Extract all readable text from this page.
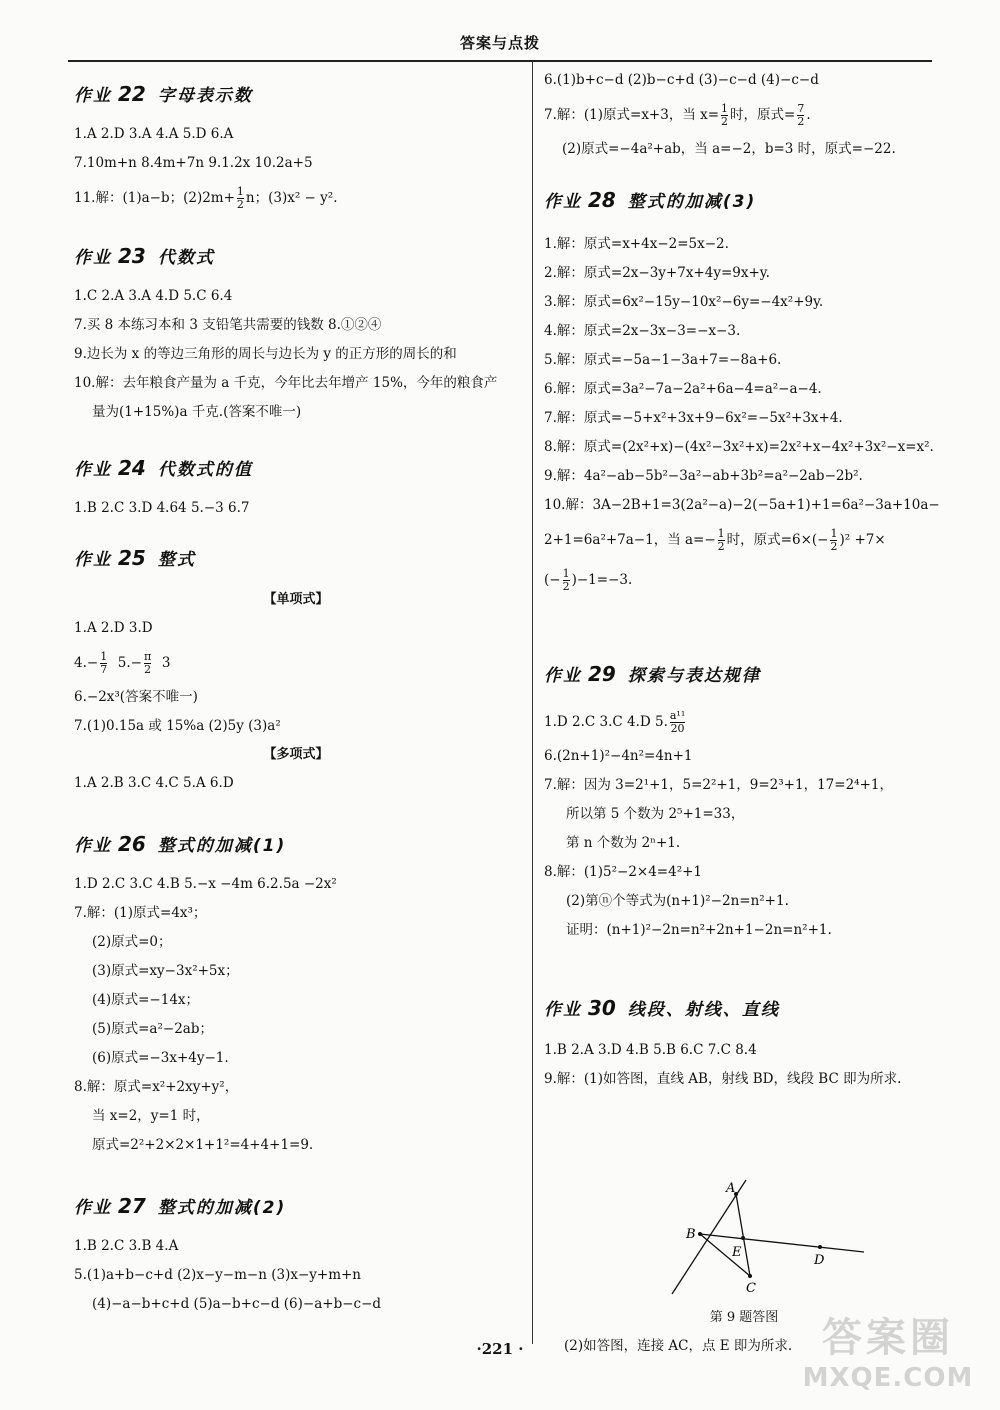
答案与点拨
作业 22 字母表示数
1.A 2.D 3.A 4.A 5.D 6.A
7.10m+n 8.4m+7n 9.1.2x 10.2a+5
11.解：(1)a−b；$(2)2m+ \frac{1}{2}$ n；(3)x² − y².
作业 23 代数式
1.C 2.A 3.A 4.D 5.C 6.4
7.买 8 本练习本和 3 支铅笔共需要的钱数 8.①②④
9.边长为 x 的等边三角形的周长与边长为 y 的正方形的周长的和
10.解：去年粮食产量为 a 千克，今年比去年增产 15%，今年的粮食产
量为(1+15%)a 千克.(答案不唯一)
作业 24 代数式的值
1.B 2.C 3.D 4.64 5.−3 6.7
作业 25 整式
【单项式】
1.A 2.D 3.D
$4.- \frac{1}{7} 5.- \frac{\pi}{2} 3$
6.−2x³(答案不唯一)
7.(1)0.15a 或 15%a (2)5y (3)a²
【多项式】
1.A 2.B 3.C 4.C 5.A 6.D
作业 26 整式的加减(1)
1.D 2.C 3.C 4.B 5.−x −4m 6.2.5a −2x²
7.解：(1)原式=4x³；
(2)原式=0；
(3)原式=xy−3x²+5x；
(4)原式=−14x；
(5)原式=a²−2ab；
(6)原式=−3x+4y−1.
8.解：原式=x²+2xy+y²，
当 x=2，y=1 时，
原式=2²+2×2×1+1²=4+4+1=9.
作业 27 整式的加减(2)
1.B 2.C 3.B 4.A
5.(1)a+b−c+d (2)x−y−m−n (3)x−y+m+n
(4)−a−b+c+d (5)a−b+c−d (6)−a+b−c−d
6.(1)b+c−d (2)b−c+d (3)−c−d (4)−c−d
7.解：(1)原式=x+3，当 $x= \frac{1}{2}$ 时，原式= $\frac{7}{2}$ .
(2)原式=−4a²+ab，当 a=−2，b=3 时，原式=−22.
作业 28 整式的加减(3)
1.解：原式=x+4x−2=5x−2.
2.解：原式=2x−3y+7x+4y=9x+y.
3.解：原式=6x²−15y−10x²−6y=−4x²+9y.
4.解：原式=2x−3x−3=−x−3.
5.解：原式=−5a−1−3a+7=−8a+6.
6.解：原式=3a²−7a−2a²+6a−4=a²−a−4.
7.解：原式=−5+x²+3x+9−6x²=−5x²+3x+4.
8.解：原式=(2x²+x)−(4x²−3x²+x)=2x²+x−4x²+3x²−x=x².
9.解：4a²−ab−5b²−3a²−ab+3b²=a²−2ab−2b².
10.解：3A−2B+1=3(2a²−a)−2(−5a+1)+1=6a²−3a+10a−
2+1=6a²+7a−1，当 $a=- \frac{1}{2}$ 时，原式$=6\times(- \frac{1}{2} )^2 +7\times$
(− $\frac{1}{2} )-1=-3$.
作业 29 探索与表达规律
1.D 2.C 3.C 4.D 5. $\frac{\text{a¹¹}}{20}$
6.(2n+1)²−4n²=4n+1
7.解：因为 3=2¹+1，5=2²+1，9=2³+1，17=2⁴+1，
所以第 5 个数为 2⁵+1=33，
第 n 个数为 2ⁿ+1.
8.解：(1)5²−2×4=4²+1
(2)第ⓝ个等式为(n+1)²−2n=n²+1.
证明：(n+1)²−2n=n²+2n+1−2n=n²+1.
作业 30 线段、射线、直线
1.B 2.A 3.D 4.B 5.B 6.C 7.C 8.4
9.解：(1)如答图，直线 AB，射线 BD，线段 BC 即为所求.
A
B
C
D
E
第 9 题答图
(2)如答图，连接 AC，点 E 即为所求.
·221 ·	答案圈
MXQE.COM
